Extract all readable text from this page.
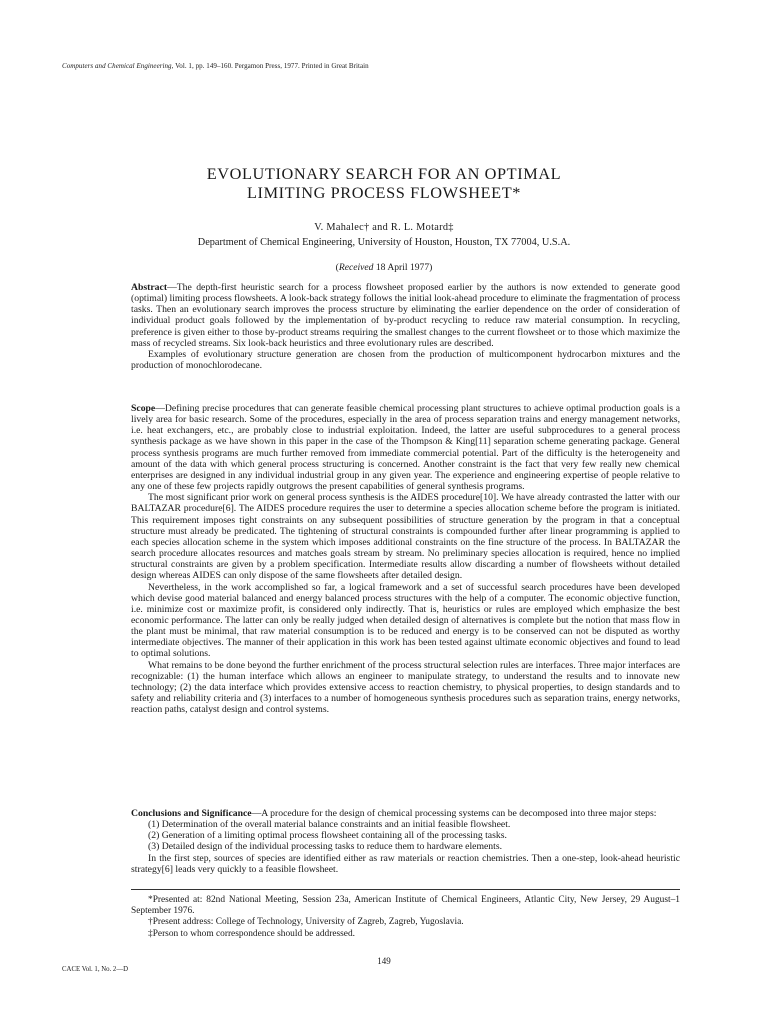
Computers and Chemical Engineering, Vol. 1, pp. 149–160. Pergamon Press, 1977. Printed in Great Britain
EVOLUTIONARY SEARCH FOR AN OPTIMAL
LIMITING PROCESS FLOWSHEET*
V. Mahalec† and R. L. Motard‡
Department of Chemical Engineering, University of Houston, Houston, TX 77004, U.S.A.
(Received 18 April 1977)

Abstract—The depth-first heuristic search for a process flowsheet proposed earlier by the authors is now extended to generate good (optimal) limiting process flowsheets. A look-back strategy follows the initial look-ahead procedure to eliminate the fragmentation of process tasks. Then an evolutionary search improves the process structure by eliminating the earlier dependence on the order of consideration of individual product goals followed by the implementation of by-product recycling to reduce raw material consumption. In recycling, preference is given either to those by-product streams requiring the smallest changes to the current flowsheet or to those which maximize the mass of recycled streams. Six look-back heuristics and three evolutionary rules are described.

Examples of evolutionary structure generation are chosen from the production of multicomponent hydrocarbon mixtures and the production of monochlorodecane.

Scope—Defining precise procedures that can generate feasible chemical processing plant structures to achieve optimal production goals is a lively area for basic research. Some of the procedures, especially in the area of process separation trains and energy management networks, i.e. heat exchangers, etc., are probably close to industrial exploitation. Indeed, the latter are useful subprocedures to a general process synthesis package as we have shown in this paper in the case of the Thompson & King[11] separation scheme generating package. General process synthesis programs are much further removed from immediate commercial potential. Part of the difficulty is the heterogeneity and amount of the data with which general process structuring is concerned. Another constraint is the fact that very few really new chemical enterprises are designed in any individual industrial group in any given year. The experience and engineering expertise of people relative to any one of these few projects rapidly outgrows the present capabilities of general synthesis programs.

The most significant prior work on general process synthesis is the AIDES procedure[10]. We have already contrasted the latter with our BALTAZAR procedure[6]. The AIDES procedure requires the user to determine a species allocation scheme before the program is initiated. This requirement imposes tight constraints on any subsequent possibilities of structure generation by the program in that a conceptual structure must already be predicated. The tightening of structural constraints is compounded further after linear programming is applied to each species allocation scheme in the system which imposes additional constraints on the fine structure of the process. In BALTAZAR the search procedure allocates resources and matches goals stream by stream. No preliminary species allocation is required, hence no implied structural constraints are given by a problem specification. Intermediate results allow discarding a number of flowsheets without detailed design whereas AIDES can only dispose of the same flowsheets after detailed design.

Nevertheless, in the work accomplished so far, a logical framework and a set of successful search procedures have been developed which devise good material balanced and energy balanced process structures with the help of a computer. The economic objective function, i.e. minimize cost or maximize profit, is considered only indirectly. That is, heuristics or rules are employed which emphasize the best economic performance. The latter can only be really judged when detailed design of alternatives is complete but the notion that mass flow in the plant must be minimal, that raw material consumption is to be reduced and energy is to be conserved can not be disputed as worthy intermediate objectives. The manner of their application in this work has been tested against ultimate economic objectives and found to lead to optimal solutions.

What remains to be done beyond the further enrichment of the process structural selection rules are interfaces. Three major interfaces are recognizable: (1) the human interface which allows an engineer to manipulate strategy, to understand the results and to innovate new technology; (2) the data interface which provides extensive access to reaction chemistry, to physical properties, to design standards and to safety and reliability criteria and (3) interfaces to a number of homogeneous synthesis procedures such as separation trains, energy networks, reaction paths, catalyst design and control systems.

Conclusions and Significance—A procedure for the design of chemical processing systems can be decomposed into three major steps:

(1) Determination of the overall material balance constraints and an initial feasible flowsheet.
(2) Generation of a limiting optimal process flowsheet containing all of the processing tasks.
(3) Detailed design of the individual processing tasks to reduce them to hardware elements.

In the first step, sources of species are identified either as raw materials or reaction chemistries. Then a one-step, look-ahead heuristic strategy[6] leads very quickly to a feasible flowsheet.

*Presented at: 82nd National Meeting, Session 23a, American Institute of Chemical Engineers, Atlantic City, New Jersey, 29 August–1 September 1976.

†Present address: College of Technology, University of Zagreb, Zagreb, Yugoslavia.

‡Person to whom correspondence should be addressed.

149
CACE Vol. 1, No. 2—D
